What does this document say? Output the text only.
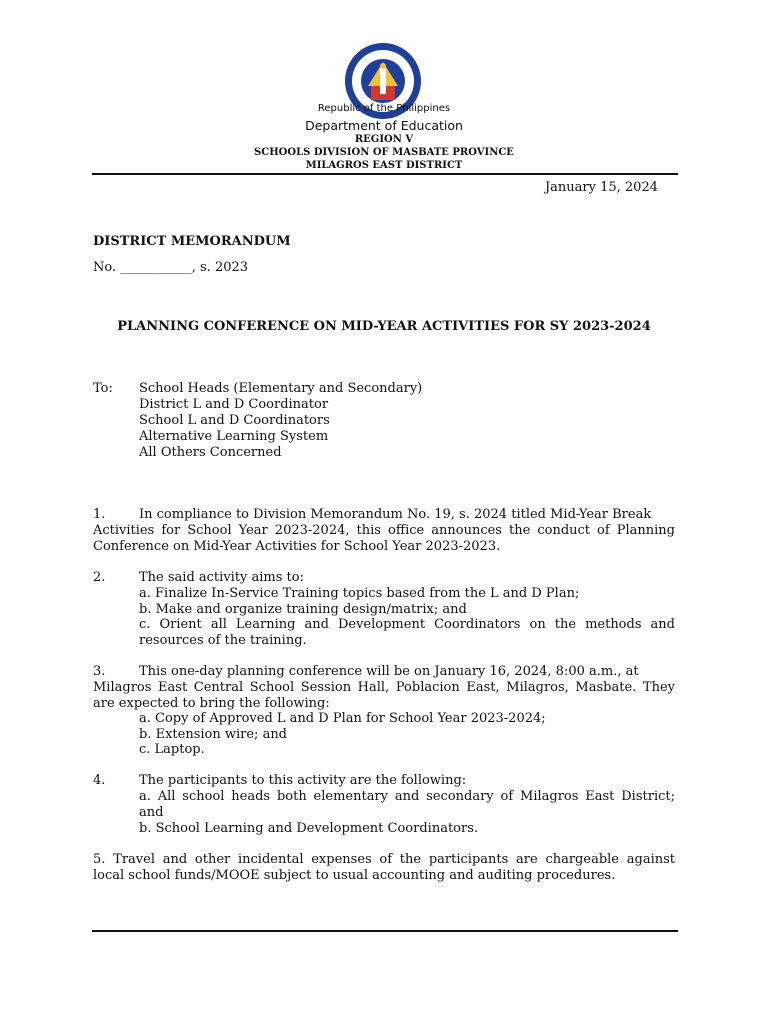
Republic of the Philippines
Department of Education
REGION V
SCHOOLS DIVISION OF MASBATE PROVINCE
MILAGROS EAST DISTRICT
January 15, 2024
DISTRICT MEMORANDUM
No. ___________, s. 2023
PLANNING CONFERENCE ON MID-YEAR ACTIVITIES FOR SY 2023-2024
To: School Heads (Elementary and Secondary)
District L and D Coordinator
School L and D Coordinators
Alternative Learning System
All Others Concerned
1.	In compliance to Division Memorandum No. 19, s. 2024 titled Mid-Year Break
Activities for School Year 2023-2024, this office announces the conduct of Planning
Conference on Mid-Year Activities for School Year 2023-2023.
2.	The said activity aims to:
a. Finalize In-Service Training topics based from the L and D Plan;
b. Make and organize training design/matrix; and
c. Orient all Learning and Development Coordinators on the methods and
resources of the training.
3.	This one-day planning conference will be on January 16, 2024, 8:00 a.m., at
Milagros East Central School Session Hall, Poblacion East, Milagros, Masbate. They
are expected to bring the following:
a. Copy of Approved L and D Plan for School Year 2023-2024;
b. Extension wire; and
c. Laptop.
4.	The participants to this activity are the following:
a. All school heads both elementary and secondary of Milagros East District;
and
b. School Learning and Development Coordinators.
5. Travel and other incidental expenses of the participants are chargeable against
local school funds/MOOE subject to usual accounting and auditing procedures.
